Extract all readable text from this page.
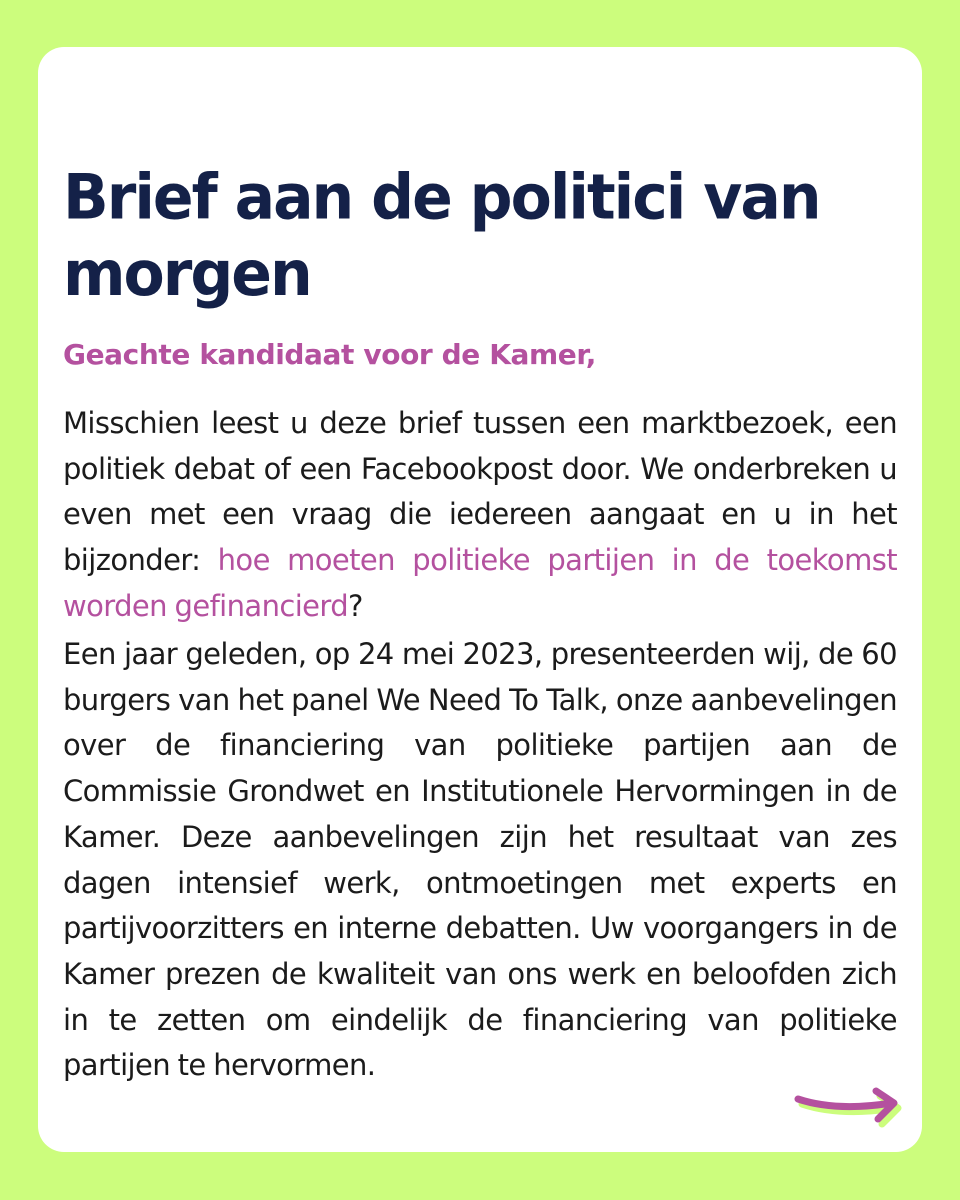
Brief aan de politici van morgen

Geachte kandidaat voor de Kamer,

Misschien leest u deze brief tussen een marktbezoek, een politiek debat of een Facebookpost door. We onderbreken u even met een vraag die iedereen aangaat en u in het bijzonder: hoe moeten politieke partijen in de toekomst worden gefinancierd?

Een jaar geleden, op 24 mei 2023, presenteerden wij, de 60 burgers van het panel We Need To Talk, onze aanbevelingen over de financiering van politieke partijen aan de Commissie Grondwet en Institutionele Hervormingen in de Kamer. Deze aanbevelingen zijn het resultaat van zes dagen intensief werk, ontmoetingen met experts en partijvoorzitters en interne debatten. Uw voorgangers in de Kamer prezen de kwaliteit van ons werk en beloofden zich in te zetten om eindelijk de financiering van politieke partijen te hervormen.
